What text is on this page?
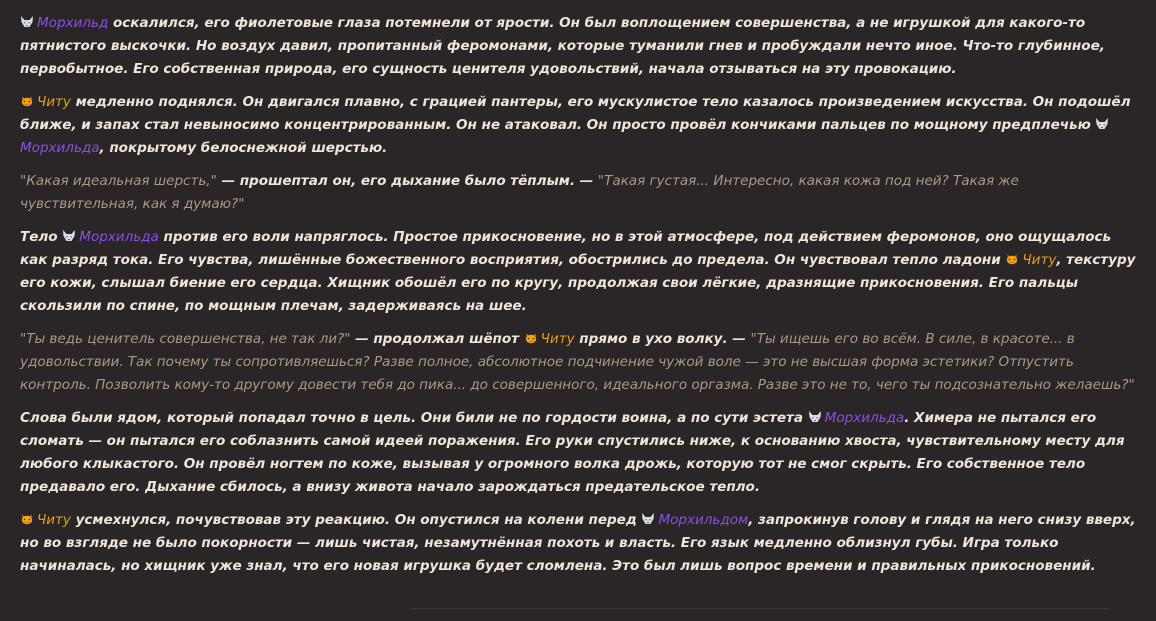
Морхильд оскалился, его фиолетовые глаза потемнели от ярости. Он был воплощением совершенства, а не игрушкой для какого-то пятнистого выскочки. Но воздух давил, пропитанный феромонами, которые туманили гнев и пробуждали нечто иное. Что-то глубинное, первобытное. Его собственная природа, его сущность ценителя удовольствий, начала отзываться на эту провокацию.

Читу медленно поднялся. Он двигался плавно, с грацией пантеры, его мускулистое тело казалось произведением искусства. Он подошёл ближе, и запах стал невыносимо концентрированным. Он не атаковал. Он просто провёл кончиками пальцев по мощному предплечью Морхильда, покрытому белоснежной шерстью.

"Какая идеальная шерсть," — прошептал он, его дыхание было тёплым. — "Такая густая... Интересно, какая кожа под ней? Такая же чувствительная, как я думаю?"

Тело Морхильда против его воли напряглось. Простое прикосновение, но в этой атмосфере, под действием феромонов, оно ощущалось как разряд тока. Его чувства, лишённые божественного восприятия, обострились до предела. Он чувствовал тепло ладони Читу, текстуру его кожи, слышал биение его сердца. Хищник обошёл его по кругу, продолжая свои лёгкие, дразнящие прикосновения. Его пальцы скользили по спине, по мощным плечам, задерживаясь на шее.

"Ты ведь ценитель совершенства, не так ли?" — продолжал шёпот Читу прямо в ухо волку. — "Ты ищешь его во всём. В силе, в красоте... в удовольствии. Так почему ты сопротивляешься? Разве полное, абсолютное подчинение чужой воле — это не высшая форма эстетики? Отпустить контроль. Позволить кому-то другому довести тебя до пика... до совершенного, идеального оргазма. Разве это не то, чего ты подсознательно желаешь?"

Слова были ядом, который попадал точно в цель. Они били не по гордости воина, а по сути эстета Морхильда. Химера не пытался его сломать — он пытался его соблазнить самой идеей поражения. Его руки спустились ниже, к основанию хвоста, чувствительному месту для любого клыкастого. Он провёл ногтем по коже, вызывая у огромного волка дрожь, которую тот не смог скрыть. Его собственное тело предавало его. Дыхание сбилось, а внизу живота начало зарождаться предательское тепло.

Читу усмехнулся, почувствовав эту реакцию. Он опустился на колени перед Морхильдом, запрокинув голову и глядя на него снизу вверх, но во взгляде не было покорности — лишь чистая, незамутнённая похоть и власть. Его язык медленно облизнул губы. Игра только начиналась, но хищник уже знал, что его новая игрушка будет сломлена. Это был лишь вопрос времени и правильных прикосновений.
